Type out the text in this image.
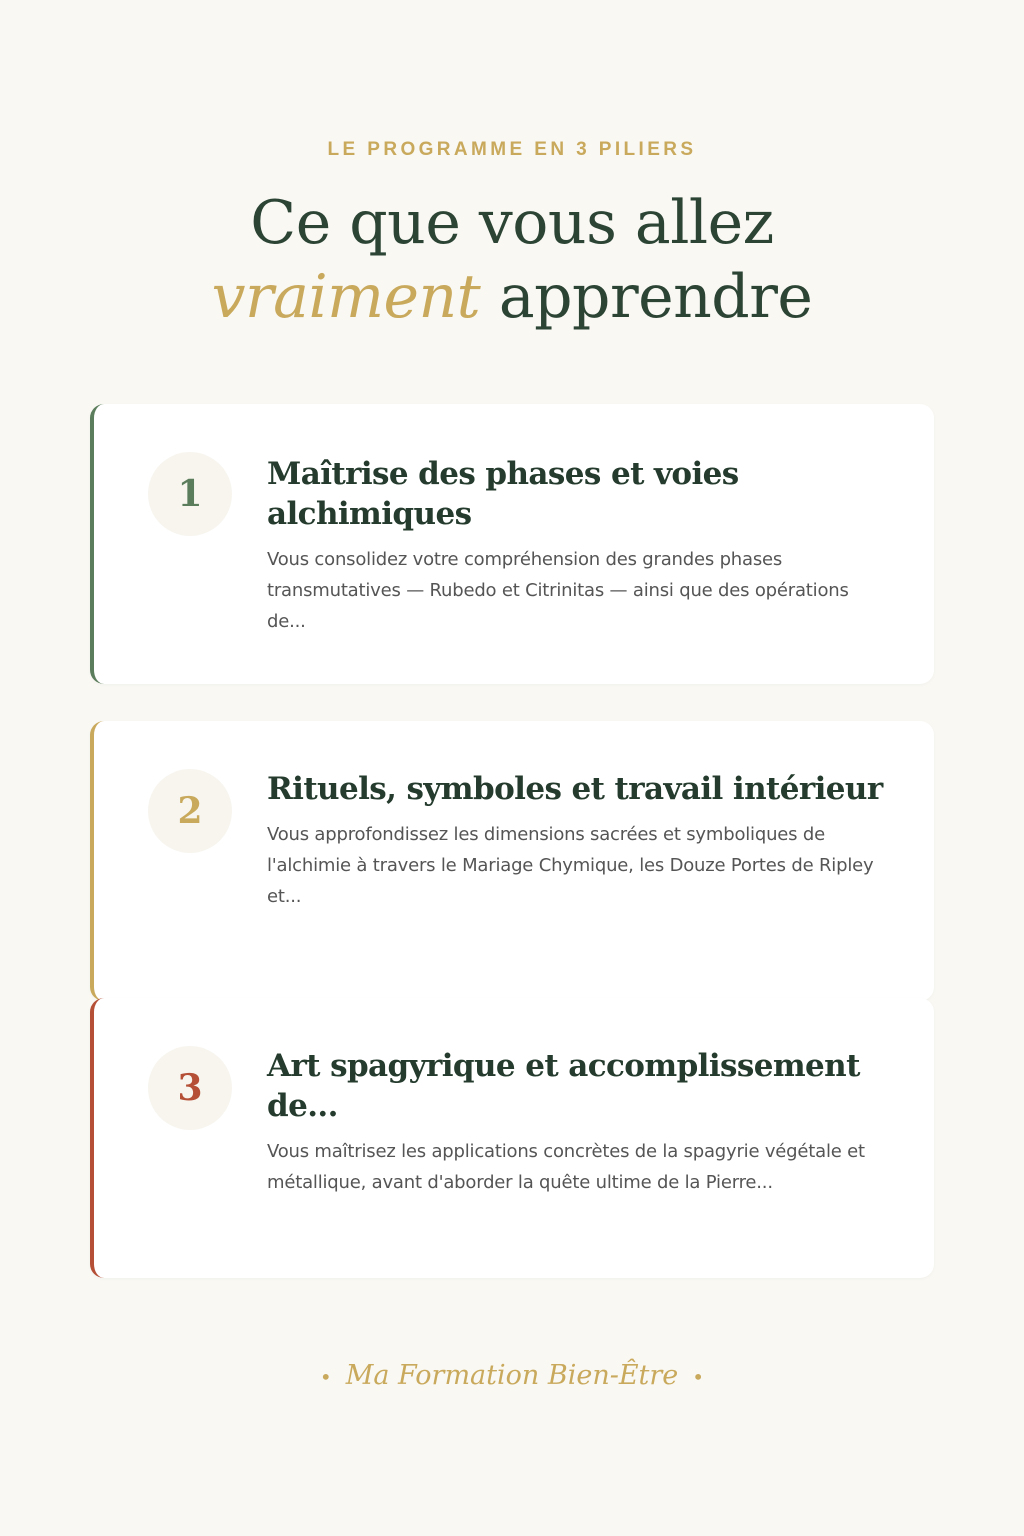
LE PROGRAMME EN 3 PILIERS
Ce que vous allez
vraiment apprendre
1	Maîtrise des phases et voies alchimiques

Vous consolidez votre compréhension des grandes phases transmutatives — Rubedo et Citrinitas — ainsi que des opérations de...

2
Rituels, symboles et travail intérieur

Vous approfondissez les dimensions sacrées et symboliques de l'alchimie à travers le Mariage Chymique, les Douze Portes de Ripley et...

3
Art spagyrique et accomplissement de...

Vous maîtrisez les applications concrètes de la spagyrie végétale et métallique, avant d'aborder la quête ultime de la Pierre...

• Ma Formation Bien-Être •
